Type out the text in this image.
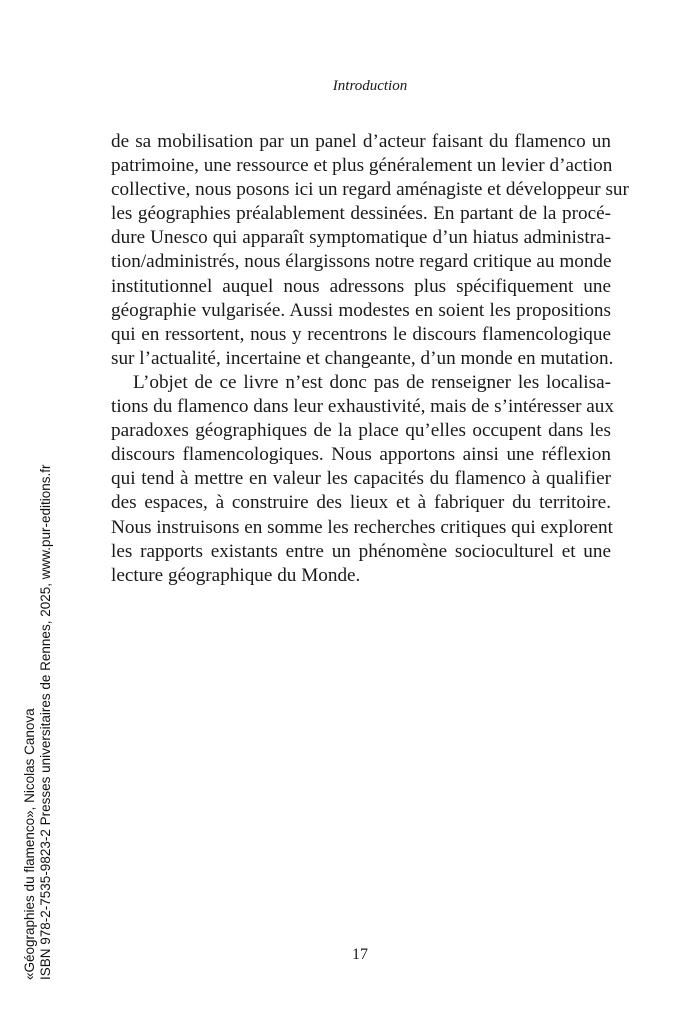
Introduction

de sa mobilisation par un panel d’acteur faisant du flamenco un
patrimoine, une ressource et plus généralement un levier d’action
collective, nous posons ici un regard aménagiste et développeur sur
les géographies préalablement dessinées. En partant de la procé-
dure Unesco qui apparaît symptomatique d’un hiatus administra-
tion/administrés, nous élargissons notre regard critique au monde
institutionnel auquel nous adressons plus spécifiquement une
géographie vulgarisée. Aussi modestes en soient les propositions
qui en ressortent, nous y recentrons le discours flamencologique
sur l’actualité, incertaine et changeante, d’un monde en mutation.

L’objet de ce livre n’est donc pas de renseigner les localisa-
tions du flamenco dans leur exhaustivité, mais de s’intéresser aux
paradoxes géographiques de la place qu’elles occupent dans les
discours flamencologiques. Nous apportons ainsi une réflexion
qui tend à mettre en valeur les capacités du flamenco à qualifier
des espaces, à construire des lieux et à fabriquer du territoire.
Nous instruisons en somme les recherches critiques qui explorent
les rapports existants entre un phénomène socioculturel et une
lecture géographique du Monde.

17
«Géographies du flamenco», Nicolas Canova ISBN 978-2-7535-9823-2 Presses universitaires de Rennes, 2025, www.pur-editions.fr
